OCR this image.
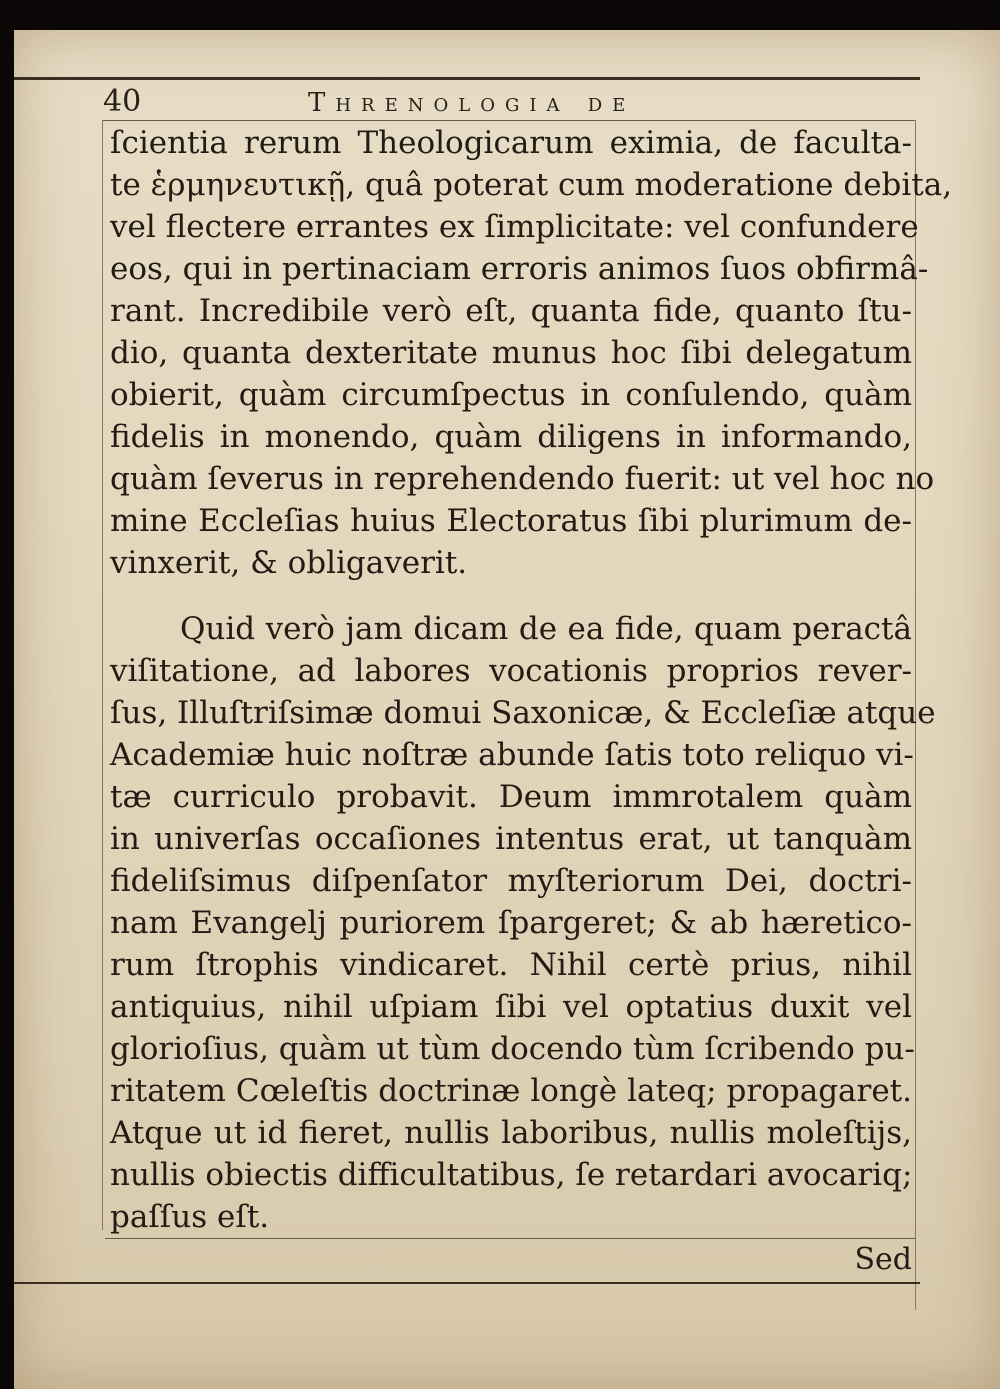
40	Threnologia de
ſcientia rerum Theologicarum eximia, de faculta-
te ἑρμηνευτικῇ, quâ poterat cum moderatione debita,
vel flectere errantes ex ſimplicitate: vel confundere
eos, qui in pertinaciam erroris animos ſuos obfirmâ-
rant. Incredibile verò eſt, quanta fide, quanto ſtu-
dio, quanta dexteritate munus hoc ſibi delegatum
obierit, quàm circumſpectus in conſulendo, quàm
fidelis in monendo, quàm diligens in informando,
quàm ſeverus in reprehendendo fuerit: ut vel hoc no
mine Eccleſias huius Electoratus ſibi plurimum de-
vinxerit, & obligaverit.
Quid verò jam dicam de ea fide, quam peractâ
viſitatione, ad labores vocationis proprios rever-
ſus, Illuſtriſsimæ domui Saxonicæ, & Eccleſiæ atque
Academiæ huic noſtræ abunde ſatis toto reliquo vi-
tæ curriculo probavit. Deum immrotalem quàm
in univerſas occaſiones intentus erat, ut tanquàm
fideliſsimus diſpenſator myſteriorum Dei, doctri-
nam Evangelj puriorem ſpargeret; & ab hæretico-
rum ſtrophis vindicaret. Nihil certè prius, nihil
antiquius, nihil uſpiam ſibi vel optatius duxit vel
glorioſius, quàm ut tùm docendo tùm ſcribendo pu-
ritatem Cœleſtis doctrinæ longè lateq; propagaret.
Atque ut id fieret, nullis laboribus, nullis moleſtijs,
nullis obiectis difficultatibus, ſe retardari avocariq;
paſſus eſt.
Sed
